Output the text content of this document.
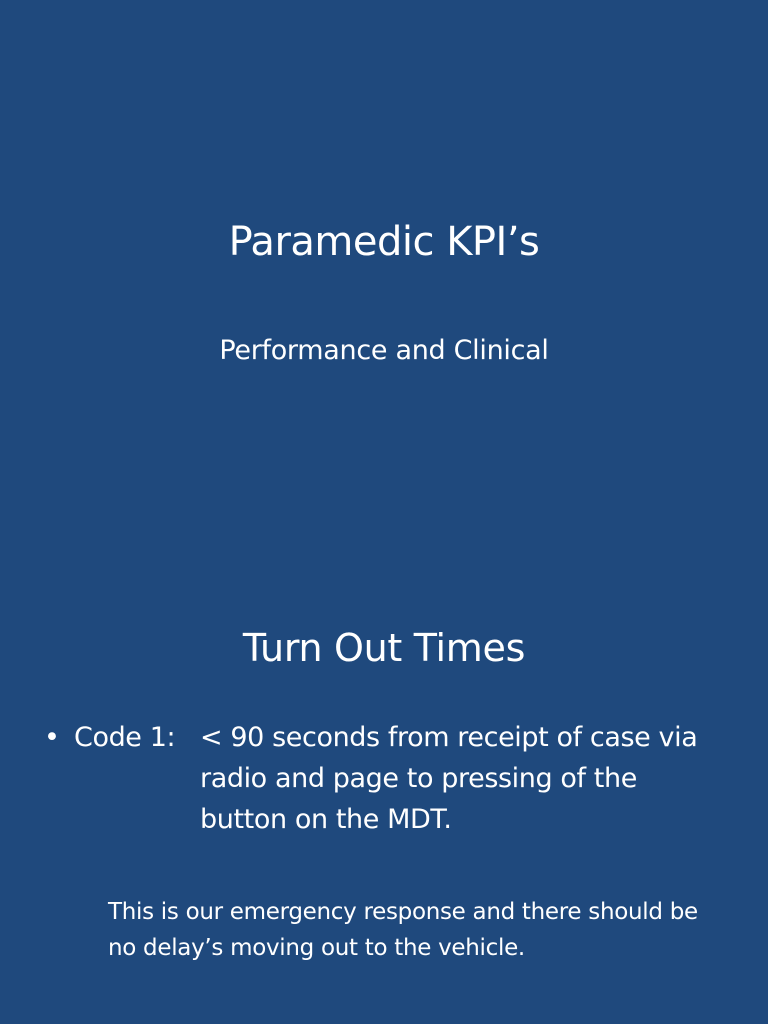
Paramedic KPI’s
Performance and Clinical
Turn Out Times
• Code 1: < 90 seconds from receipt of case via radio and page to pressing of the button on the MDT.
This is our emergency response and there should be no delay’s moving out to the vehicle.
